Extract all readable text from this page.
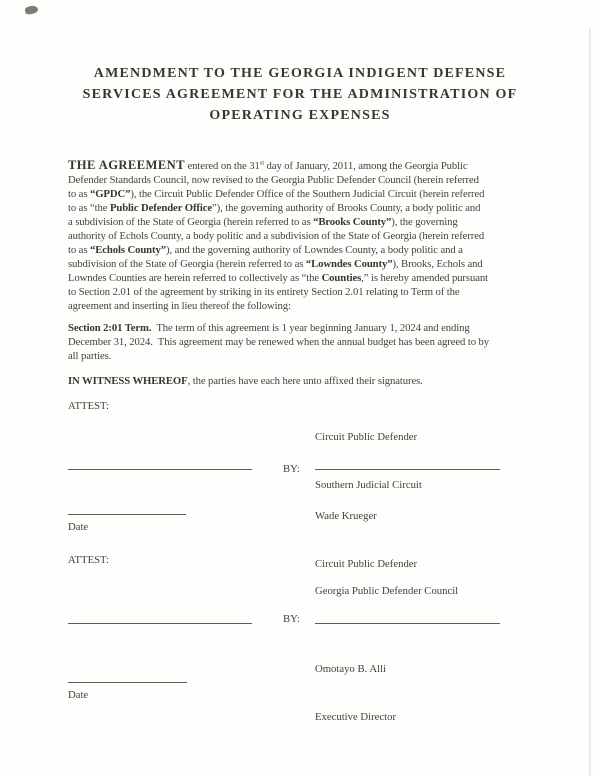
AMENDMENT TO THE GEORGIA INDIGENT DEFENSE
SERVICES AGREEMENT FOR THE ADMINISTRATION OF
OPERATING EXPENSES
THE AGREEMENT entered on the 31st day of January, 2011, among the Georgia Public
Defender Standards Council, now revised to the Georgia Public Defender Council (herein referred
to as “GPDC”), the Circuit Public Defender Office of the Southern Judicial Circuit (herein referred
to as “the Public Defender Office”), the governing authority of Brooks County, a body politic and
a subdivision of the State of Georgia (herein referred to as “Brooks County”), the governing
authority of Echols County, a body politic and a subdivision of the State of Georgia (herein referred
to as “Echols County”), and the governing authority of Lowndes County, a body politic and a
subdivision of the State of Georgia (herein referred to as “Lowndes County”), Brooks, Echols and
Lowndes Counties are herein referred to collectively as “the Counties,” is hereby amended pursuant
to Section 2.01 of the agreement by striking in its entirety Section 2.01 relating to Term of the
agreement and inserting in lieu thereof the following:
Section 2:01 Term.  The term of this agreement is 1 year beginning January 1, 2024 and ending
December 31, 2024.  This agreement may be renewed when the annual budget has been agreed to by
all parties.
IN WITNESS WHEREOF, the parties have each here unto affixed their signatures.
ATTEST:

Circuit Public Defender

Southern Judicial Circuit

BY:

Wade Krueger

Circuit Public Defender

Date
ATTEST:

Georgia Public Defender Council

BY:

Omotayo B. Alli

Executive Director

Date
